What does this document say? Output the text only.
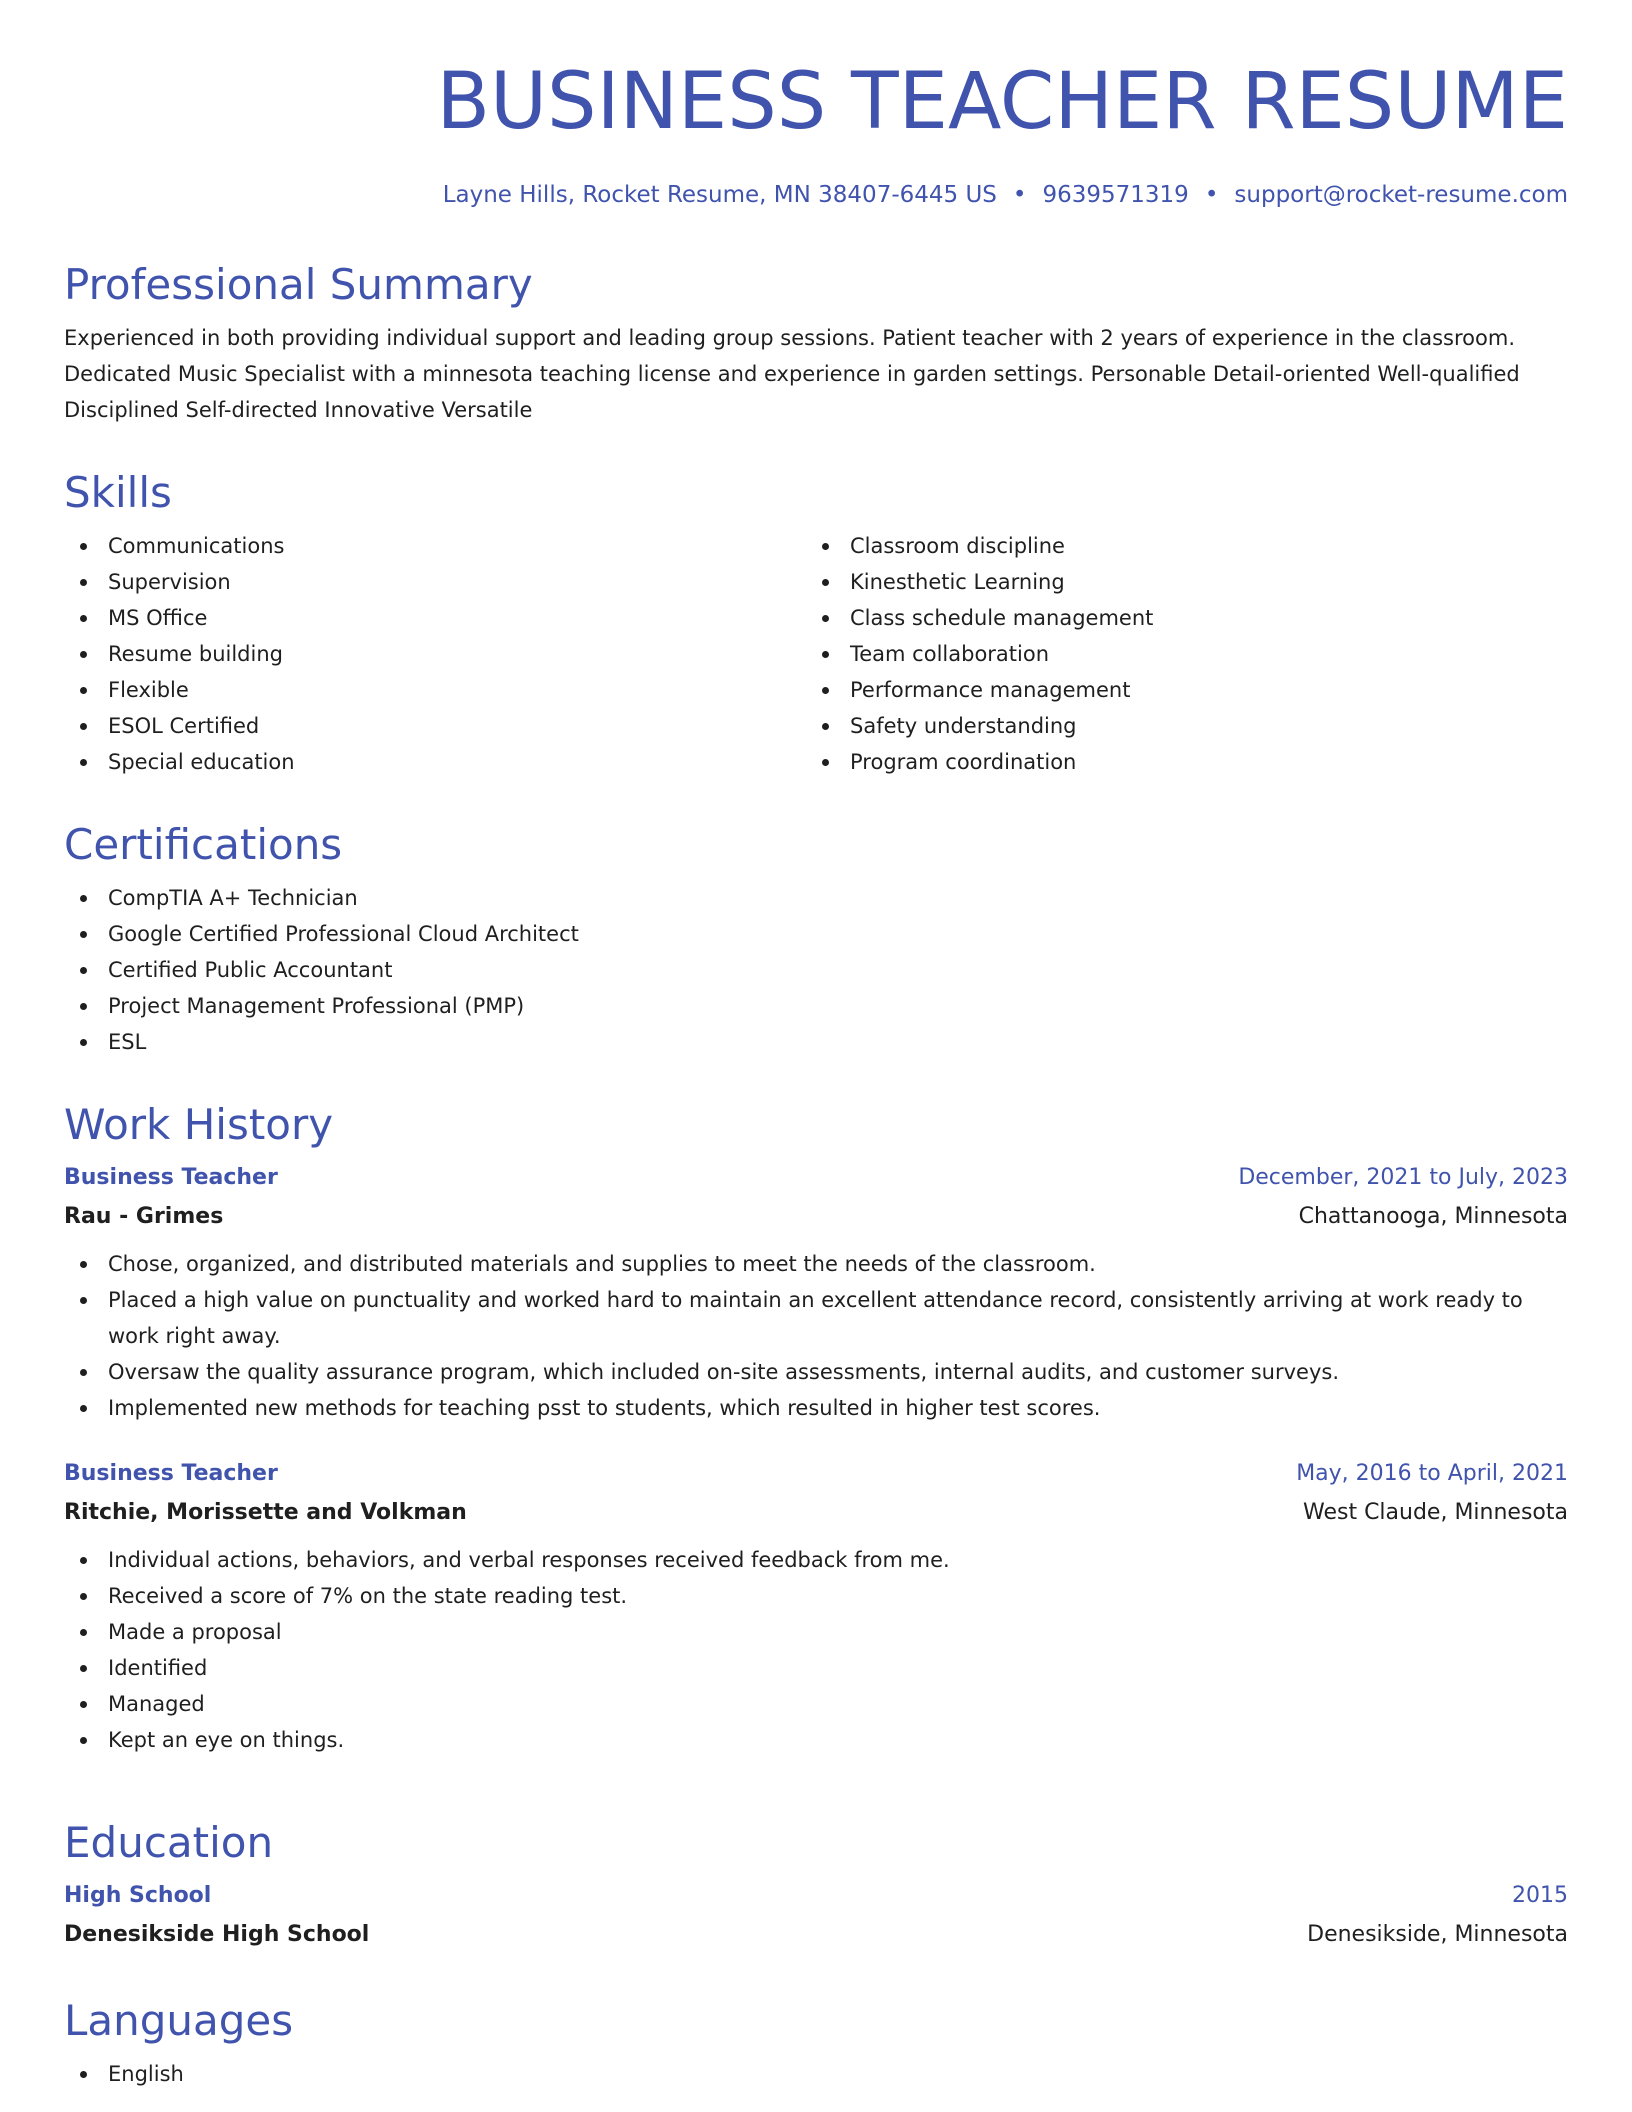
BUSINESS TEACHER RESUME
Layne Hills, Rocket Resume, MN 38407-6445 US • 9639571319 • support@rocket-resume.com
Professional Summary

Experienced in both providing individual support and leading group sessions. Patient teacher with 2 years of experience in the classroom. Dedicated Music Specialist with a minnesota teaching license and experience in garden settings. Personable Detail-oriented Well-qualified Disciplined Self-directed Innovative Versatile

Skills
Communications
Supervision
MS Office
Resume building
Flexible
ESOL Certified
Special education
Classroom discipline
Kinesthetic Learning
Class schedule management
Team collaboration
Performance management
Safety understanding
Program coordination
Certifications
CompTIA A+ Technician
Google Certified Professional Cloud Architect
Certified Public Accountant
Project Management Professional (PMP)
ESL
Work History
Business Teacher	December, 2021 to July, 2023
Rau - Grimes	Chattanooga, Minnesota
Chose, organized, and distributed materials and supplies to meet the needs of the classroom.
Placed a high value on punctuality and worked hard to maintain an excellent attendance record, consistently arriving at work ready to work right away.
Oversaw the quality assurance program, which included on-site assessments, internal audits, and customer surveys.
Implemented new methods for teaching psst to students, which resulted in higher test scores.
Business Teacher	May, 2016 to April, 2021
Ritchie, Morissette and Volkman	West Claude, Minnesota
Individual actions, behaviors, and verbal responses received feedback from me.
Received a score of 7% on the state reading test.
Made a proposal
Identified
Managed
Kept an eye on things.
Education
High School	2015
Denesikside High School	Denesikside, Minnesota
Languages
English
